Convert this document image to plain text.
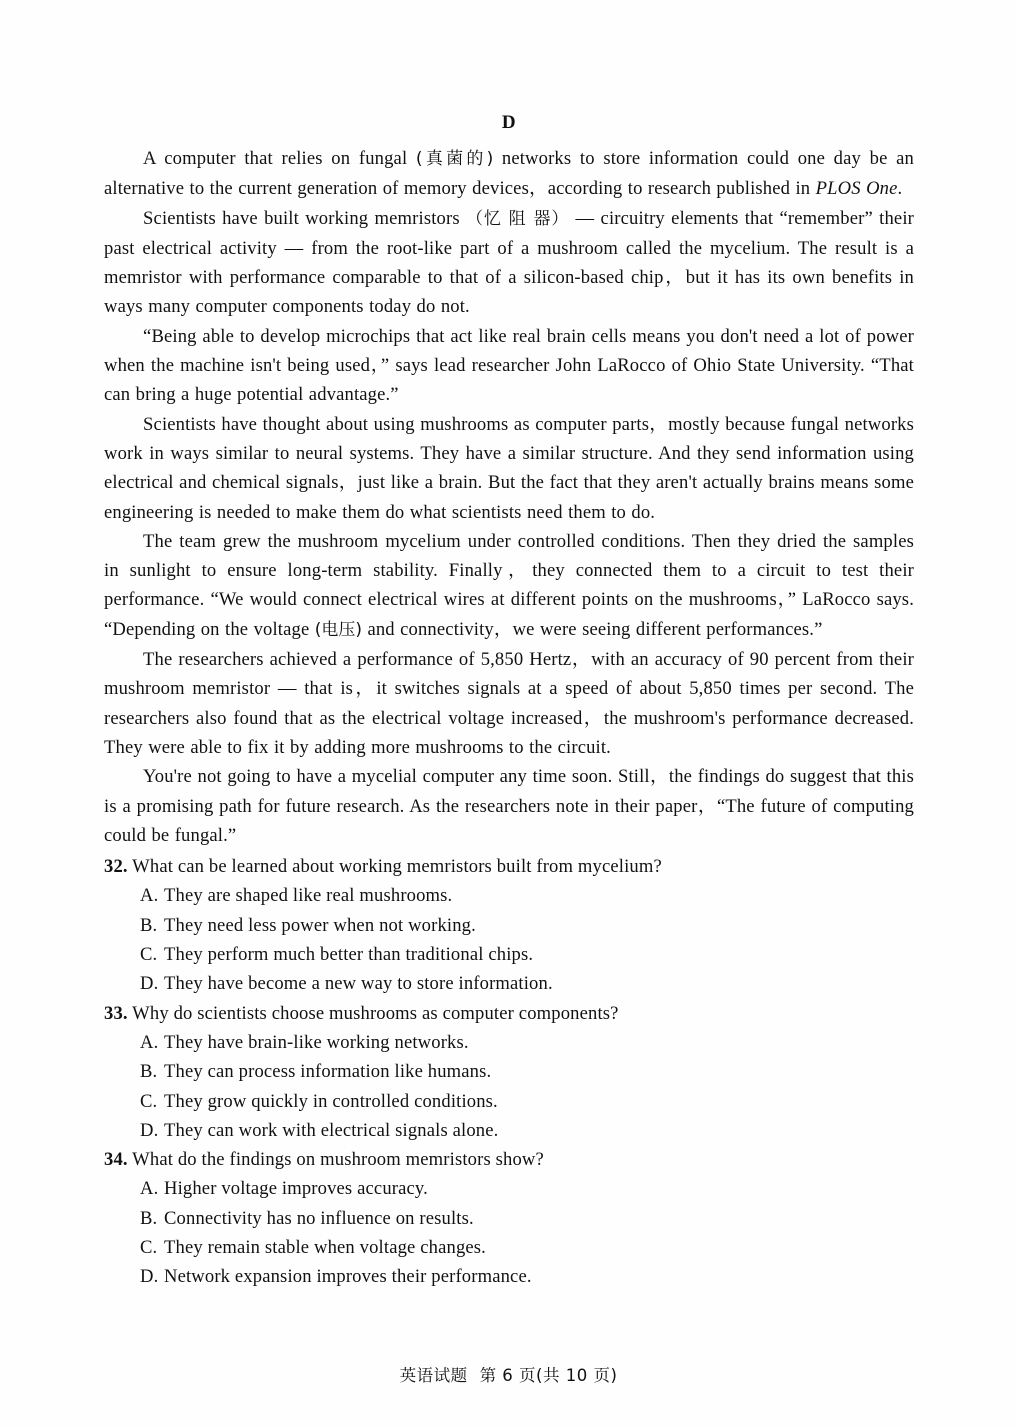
D

A computer that relies on fungal (真菌的) networks to store information could one day be an alternative to the current generation of memory devices，according to research published in PLOS One.

Scientists have built working memristors （忆 阻 器） — circuitry elements that “remember” their past electrical activity — from the root-like part of a mushroom called the mycelium. The result is a memristor with performance comparable to that of a silicon-based chip，but it has its own benefits in ways many computer components today do not.

“Being able to develop microchips that act like real brain cells means you don't need a lot of power when the machine isn't being used，” says lead researcher John LaRocco of Ohio State University. “That can bring a huge potential advantage.”

Scientists have thought about using mushrooms as computer parts，mostly because fungal networks work in ways similar to neural systems. They have a similar structure. And they send information using electrical and chemical signals，just like a brain. But the fact that they aren't actually brains means some engineering is needed to make them do what scientists need them to do.

The team grew the mushroom mycelium under controlled conditions. Then they dried the samples in sunlight to ensure long-term stability. Finally，they connected them to a circuit to test their performance. “We would connect electrical wires at different points on the mushrooms，” LaRocco says. “Depending on the voltage (电压) and connectivity，we were seeing different performances.”

The researchers achieved a performance of 5,850 Hertz，with an accuracy of 90 percent from their mushroom memristor — that is，it switches signals at a speed of about 5,850 times per second. The researchers also found that as the electrical voltage increased，the mushroom's performance decreased. They were able to fix it by adding more mushrooms to the circuit.

You're not going to have a mycelial computer any time soon. Still，the findings do suggest that this is a promising path for future research. As the researchers note in their paper，“The future of computing could be fungal.”

32. What can be learned about working memristors built from mycelium?

A. They are shaped like real mushrooms.

B. They need less power when not working.

C. They perform much better than traditional chips.

D. They have become a new way to store information.

33. Why do scientists choose mushrooms as computer components?

A. They have brain-like working networks.

B. They can process information like humans.

C. They grow quickly in controlled conditions.

D. They can work with electrical signals alone.

34. What do the findings on mushroom memristors show?

A. Higher voltage improves accuracy.

B. Connectivity has no influence on results.

C. They remain stable when voltage changes.

D. Network expansion improves their performance.

英语试题 第 6 页(共 10 页)
